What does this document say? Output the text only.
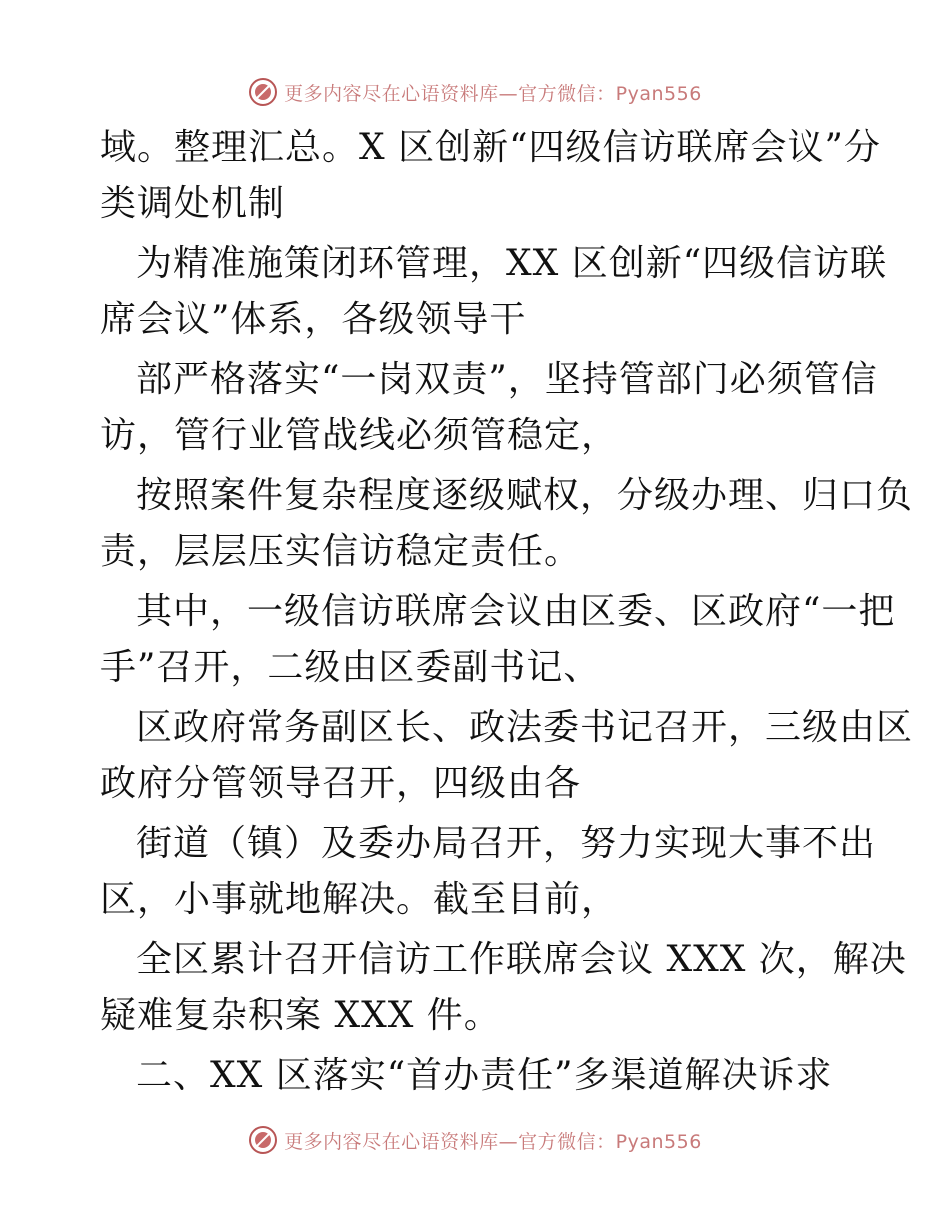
更多内容尽在心语资料库—官方微信：Pyan556
域。整理汇总。X 区创新“四级信访联席会议”分
类调处机制
为精准施策闭环管理，XX 区创新“四级信访联
席会议”体系，各级领导干
部严格落实“一岗双责”，坚持管部门必须管信
访，管行业管战线必须管稳定，
按照案件复杂程度逐级赋权，分级办理、归口负
责，层层压实信访稳定责任。
其中，一级信访联席会议由区委、区政府“一把
手”召开，二级由区委副书记、
区政府常务副区长、政法委书记召开，三级由区
政府分管领导召开，四级由各
街道（镇）及委办局召开，努力实现大事不出
区，小事就地解决。截至目前，
全区累计召开信访工作联席会议 XXX 次，解决
疑难复杂积案 XXX 件。
二、XX 区落实“首办责任”多渠道解决诉求
更多内容尽在心语资料库—官方微信：Pyan556
